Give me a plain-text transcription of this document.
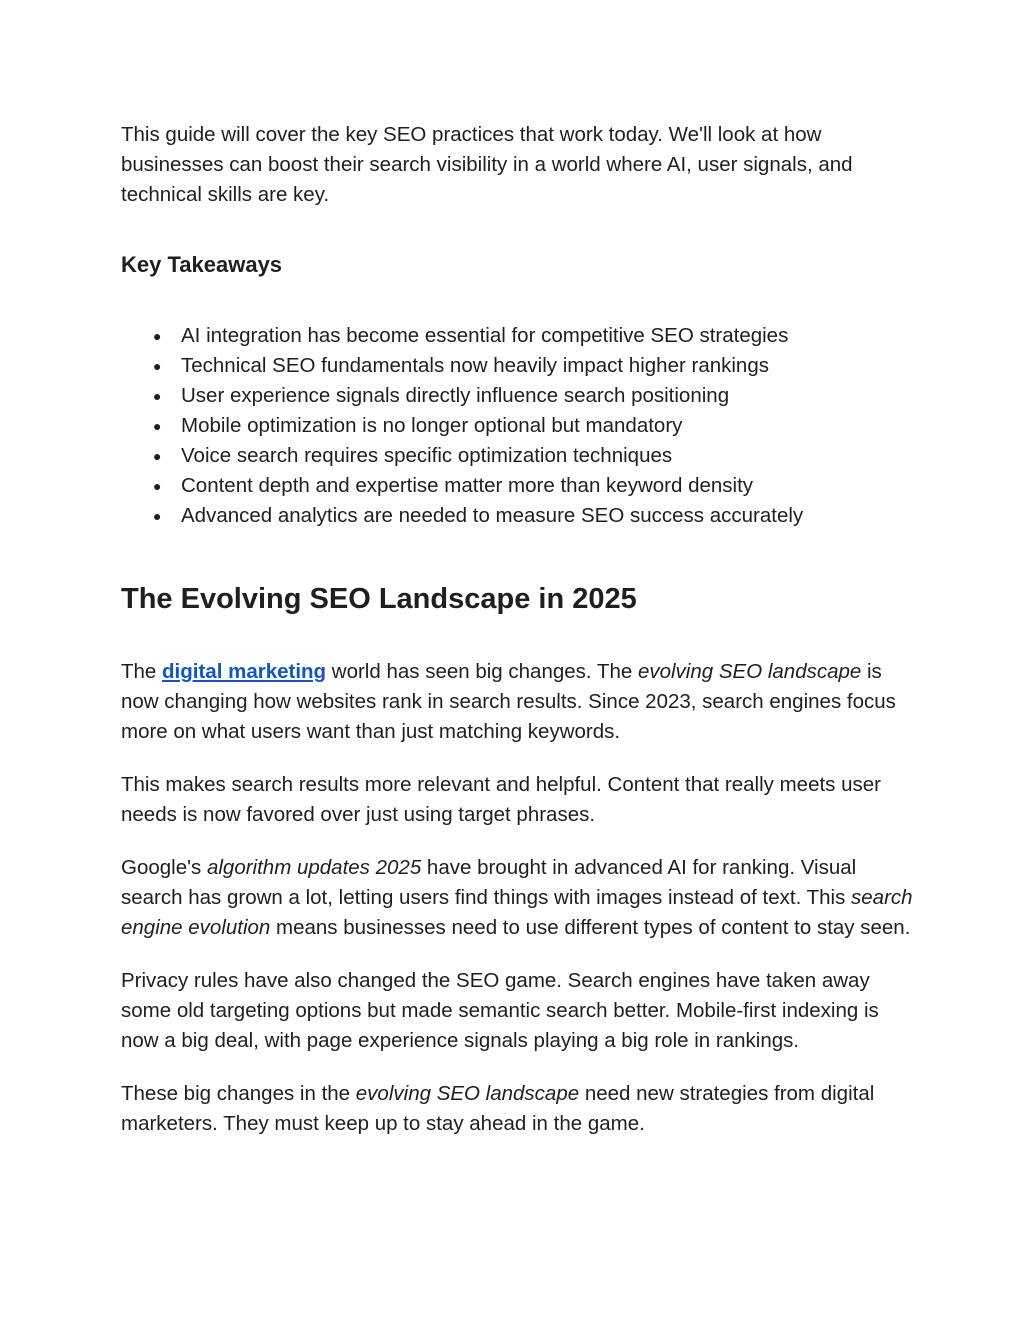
This guide will cover the key SEO practices that work today. We'll look at how businesses can boost their search visibility in a world where AI, user signals, and technical skills are key.

Key Takeaways
● AI integration has become essential for competitive SEO strategies
● Technical SEO fundamentals now heavily impact higher rankings
● User experience signals directly influence search positioning
● Mobile optimization is no longer optional but mandatory
● Voice search requires specific optimization techniques
● Content depth and expertise matter more than keyword density
● Advanced analytics are needed to measure SEO success accurately
The Evolving SEO Landscape in 2025

The digital marketing world has seen big changes. The evolving SEO landscape is now changing how websites rank in search results. Since 2023, search engines focus more on what users want than just matching keywords.

This makes search results more relevant and helpful. Content that really meets user needs is now favored over just using target phrases.

Google's algorithm updates 2025 have brought in advanced AI for ranking. Visual search has grown a lot, letting users find things with images instead of text. This search engine evolution means businesses need to use different types of content to stay seen.

Privacy rules have also changed the SEO game. Search engines have taken away some old targeting options but made semantic search better. Mobile-first indexing is now a big deal, with page experience signals playing a big role in rankings.

These big changes in the evolving SEO landscape need new strategies from digital marketers. They must keep up to stay ahead in the game.
